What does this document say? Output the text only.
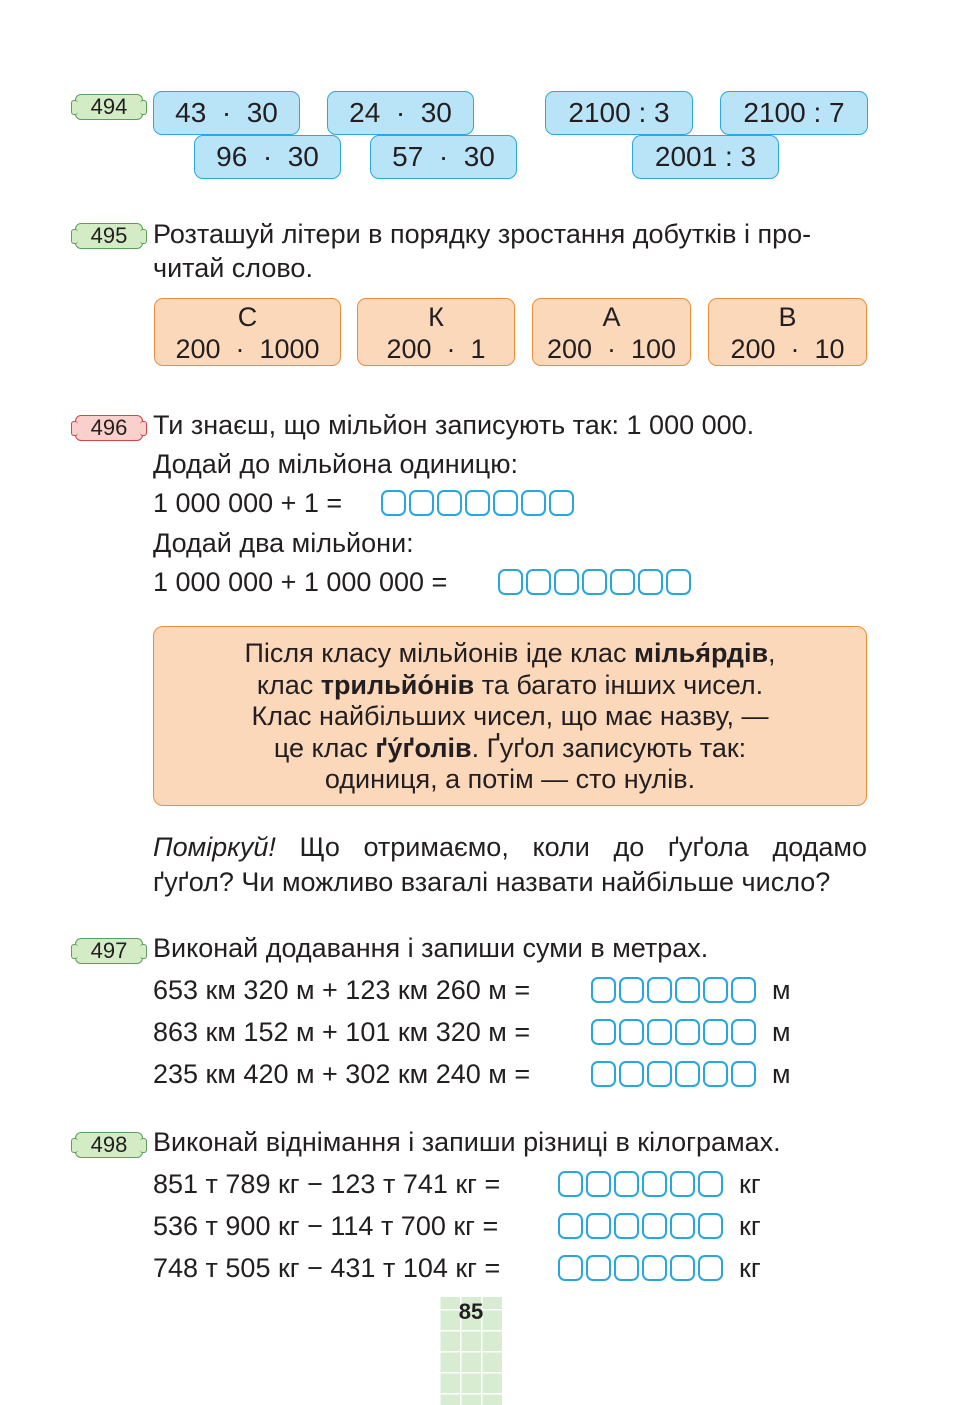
494	43  ·  30	24  ·  30
96  ·  30	57  ·  30
2100 : 3	2100 : 7
2001 : 3
495 Розташуй літери в порядку зростання добутків і про-
читай слово.
С
200  ·  1000
К
200  ·  1
А
200  ·  100
В
200  ·  10
496 Ти знаєш, що мільйон записують так: 1 000 000.
Додай до мільйона одиницю:
1 000 000 + 1 =
Додай два мільйони:
1 000 000 + 1 000 000 =
Після класу мільйонів іде клас мілья́рдів,
клас трильйо́нів та багато інших чисел.
Клас найбільших чисел, що має назву, —
це клас ґу́ґолів. Ґуґол записують так:
одиниця, а потім — сто нулів.
Поміркуй! Що отримаємо, коли до ґуґола додамо
ґуґол? Чи можливо взагалі назвати найбільше число?
497 Виконай додавання і запиши суми в метрах.
653 км 320 м + 123 км 260 м =	м
863 км 152 м + 101 км 320 м =	м
235 км 420 м + 302 км 240 м =	м
498 Виконай віднімання і запиши різниці в кілограмах.
851 т 789 кг − 123 т 741 кг =	кг
536 т 900 кг − 114 т 700 кг =	кг
748 т 505 кг − 431 т 104 кг =	кг
85
